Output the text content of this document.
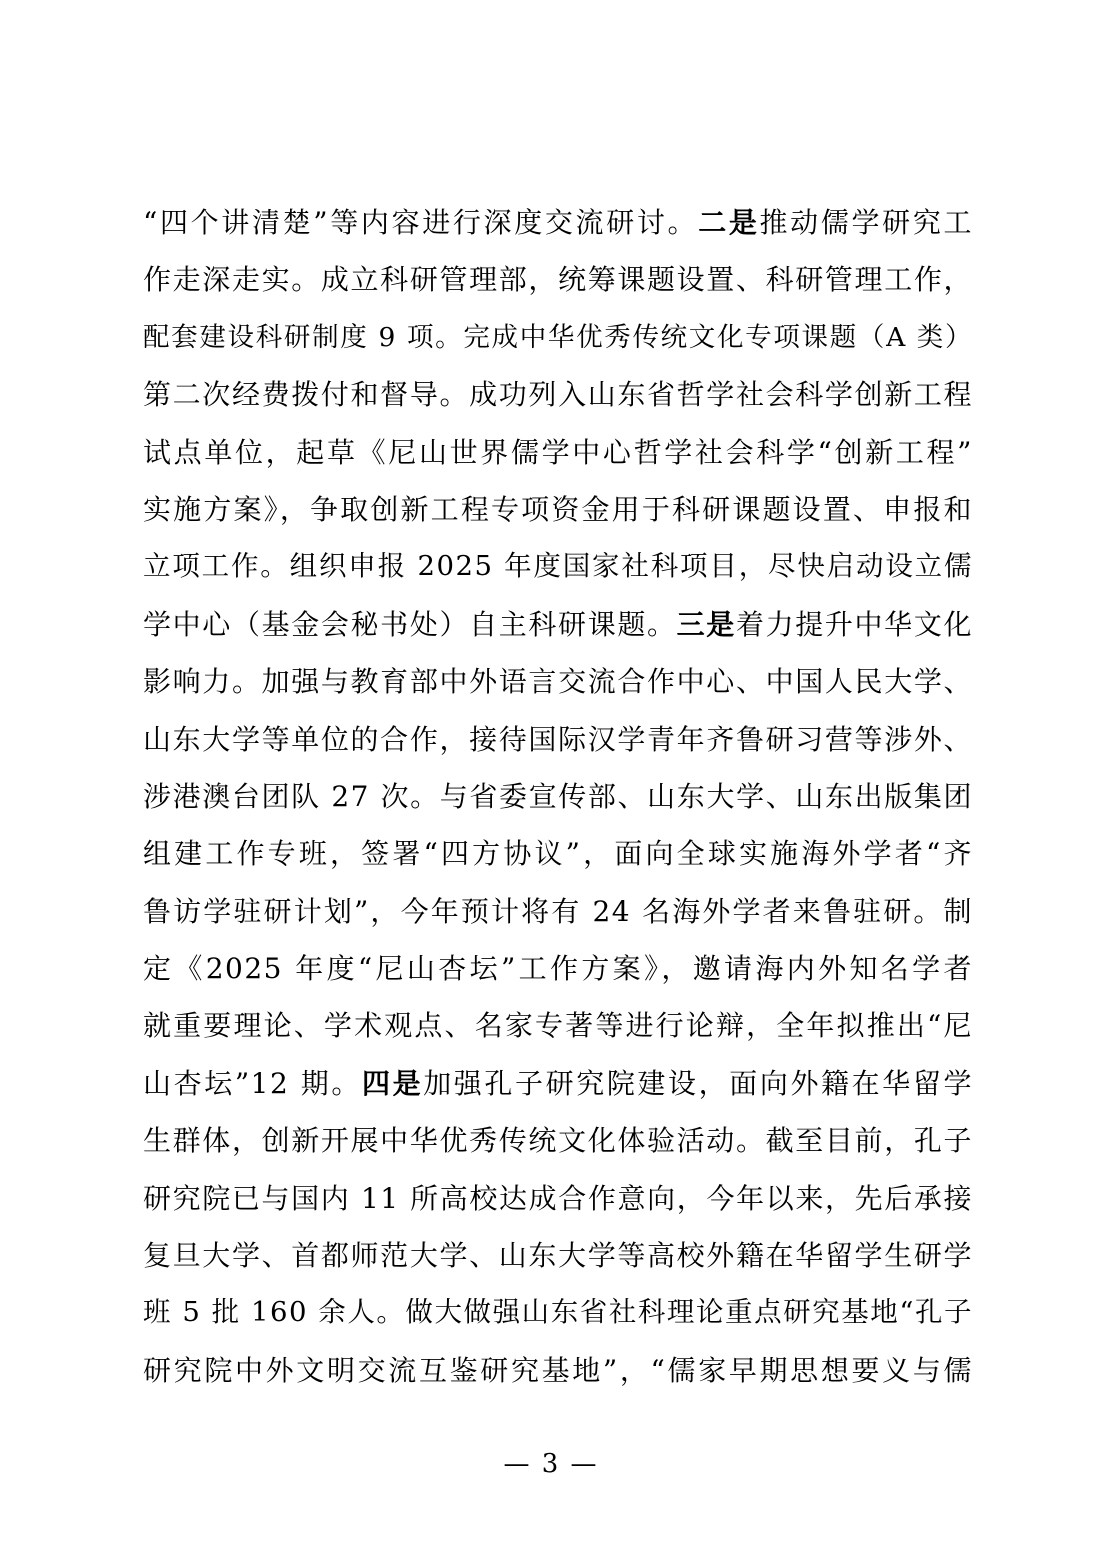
“四个讲清楚”等内容进行深度交流研讨。二是推动儒学研究工
作走深走实。成立科研管理部，统筹课题设置、科研管理工作，
配套建设科研制度 9 项。完成中华优秀传统文化专项课题（A 类）
第二次经费拨付和督导。成功列入山东省哲学社会科学创新工程
试点单位，起草《尼山世界儒学中心哲学社会科学“创新工程”
实施方案》，争取创新工程专项资金用于科研课题设置、申报和
立项工作。组织申报 2025 年度国家社科项目，尽快启动设立儒
学中心（基金会秘书处）自主科研课题。三是着力提升中华文化
影响力。加强与教育部中外语言交流合作中心、中国人民大学、
山东大学等单位的合作，接待国际汉学青年齐鲁研习营等涉外、
涉港澳台团队 27 次。与省委宣传部、山东大学、山东出版集团
组建工作专班，签署“四方协议”，面向全球实施海外学者“齐
鲁访学驻研计划”，今年预计将有 24 名海外学者来鲁驻研。制
定《2025 年度“尼山杏坛”工作方案》，邀请海内外知名学者
就重要理论、学术观点、名家专著等进行论辩，全年拟推出“尼
山杏坛”12 期。四是加强孔子研究院建设，面向外籍在华留学
生群体，创新开展中华优秀传统文化体验活动。截至目前，孔子
研究院已与国内 11 所高校达成合作意向，今年以来，先后承接
复旦大学、首都师范大学、山东大学等高校外籍在华留学生研学
班 5 批 160 余人。做大做强山东省社科理论重点研究基地“孔子
研究院中外文明交流互鉴研究基地”，“儒家早期思想要义与儒
— 3 —
